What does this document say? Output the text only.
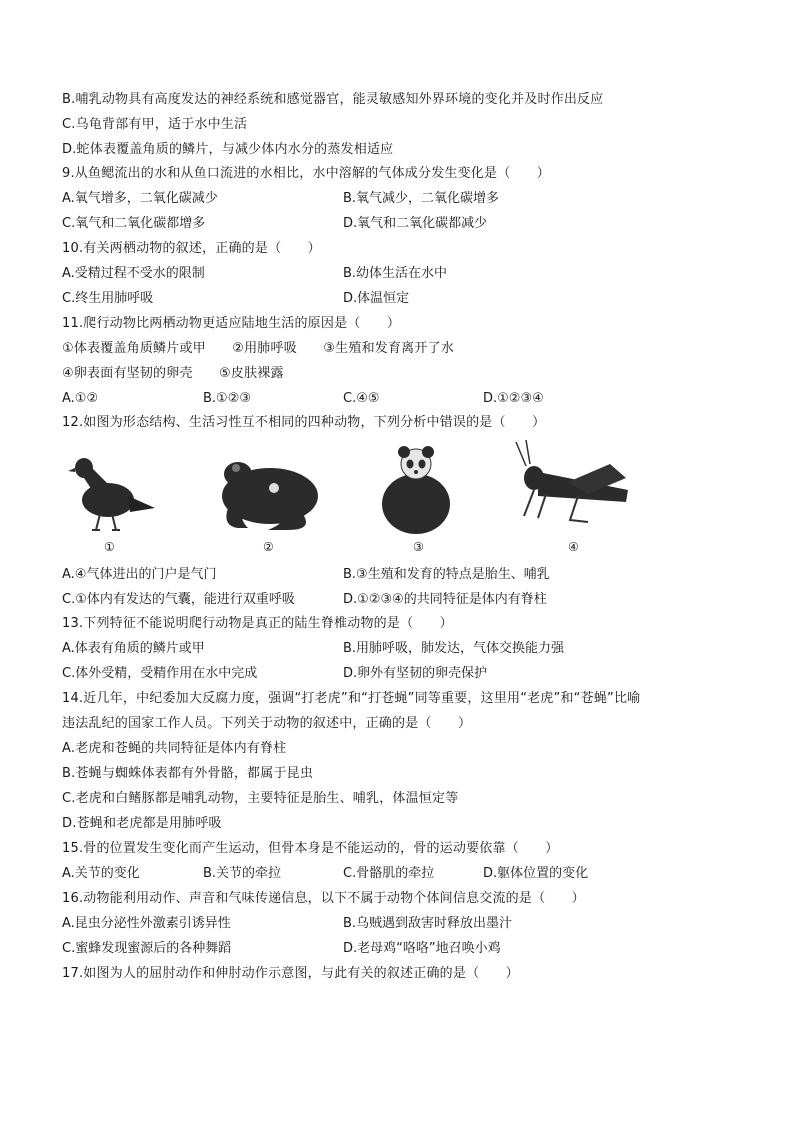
B.哺乳动物具有高度发达的神经系统和感觉器官，能灵敏感知外界环境的变化并及时作出反应
C.乌龟背部有甲，适于水中生活
D.蛇体表覆盖角质的鳞片，与减少体内水分的蒸发相适应
9.从鱼鳃流出的水和从鱼口流进的水相比，水中溶解的气体成分发生变化是（　　）
A.氧气增多，二氧化碳减少	B.氧气减少，二氧化碳增多
C.氧气和二氧化碳都增多	D.氧气和二氧化碳都减少
10.有关两栖动物的叙述，正确的是（　　）
A.受精过程不受水的限制	B.幼体生活在水中
C.终生用肺呼吸	D.体温恒定
11.爬行动物比两栖动物更适应陆地生活的原因是（　　）
①体表覆盖角质鳞片或甲　　②用肺呼吸　　③生殖和发育离开了水
④卵表面有坚韧的卵壳　　⑤皮肤裸露
A.①②	B.①②③	C.④⑤	D.①②③④
12.如图为形态结构、生活习性互不相同的四种动物，下列分析中错误的是（　　）
①	②	③	④
A.④气体进出的门户是气门	B.③生殖和发育的特点是胎生、哺乳
C.①体内有发达的气囊，能进行双重呼吸	D.①②③④的共同特征是体内有脊柱
13.下列特征不能说明爬行动物是真正的陆生脊椎动物的是（　　）
A.体表有角质的鳞片或甲	B.用肺呼吸，肺发达，气体交换能力强
C.体外受精，受精作用在水中完成	D.卵外有坚韧的卵壳保护
14.近几年，中纪委加大反腐力度，强调“打老虎”和“打苍蝇”同等重要，这里用“老虎”和“苍蝇”比喻
违法乱纪的国家工作人员。下列关于动物的叙述中，正确的是（　　）
A.老虎和苍蝇的共同特征是体内有脊柱
B.苍蝇与蜘蛛体表都有外骨骼，都属于昆虫
C.老虎和白鳍豚都是哺乳动物，主要特征是胎生、哺乳，体温恒定等
D.苍蝇和老虎都是用肺呼吸
15.骨的位置发生变化而产生运动，但骨本身是不能运动的，骨的运动要依靠（　　）
A.关节的变化	B.关节的牵拉	C.骨骼肌的牵拉	D.躯体位置的变化
16.动物能利用动作、声音和气味传递信息，以下不属于动物个体间信息交流的是（　　）
A.昆虫分泌性外激素引诱异性	B.乌贼遇到敌害时释放出墨汁
C.蜜蜂发现蜜源后的各种舞蹈	D.老母鸡“咯咯”地召唤小鸡
17.如图为人的屈肘动作和伸肘动作示意图，与此有关的叙述正确的是（　　）
